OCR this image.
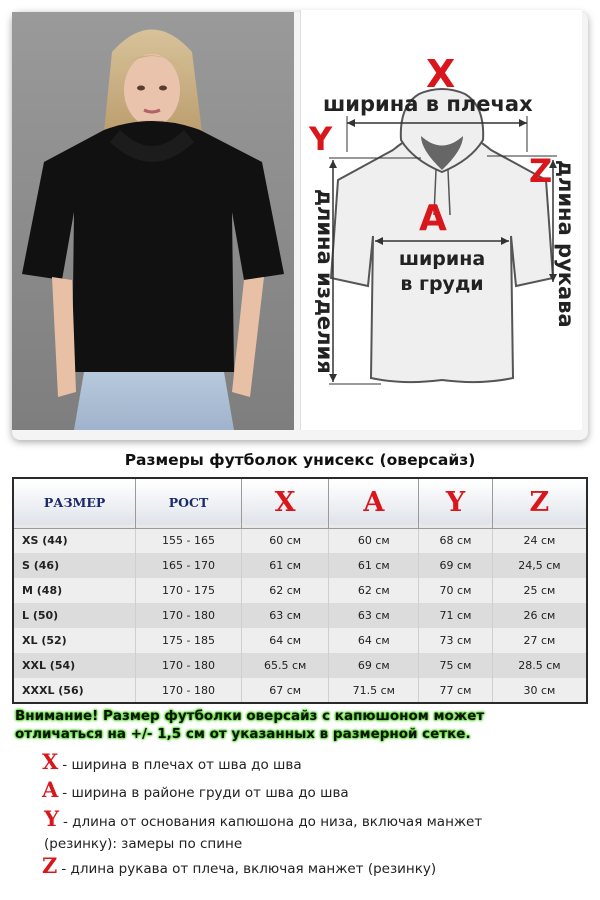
X
ширина в плечах
Y
длина изделия
Z длина рукава
A
ширина
в груди
Размеры футболок унисекс (оверсайз)
РАЗМЕР	РОСТ	X	A	Y	Z
XS (44)	155 - 165	60 см	60 см	68 см	24 см
S (46)	165 - 170	61 см	61 см	69 см	24,5 см
M (48)	170 - 175	62 см	62 см	70 см	25 см
L (50)	170 - 180	63 см	63 см	71 см	26 см
XL (52)	175 - 185	64 см	64 см	73 см	27 см
XXL (54)	170 - 180	65.5 см	69 см	75 см	28.5 см
XXXL (56)	170 - 180	67 см	71.5 см	77 см	30 см
Внимание! Размер футболки оверсайз с капюшоном может
отличаться на +/- 1,5 см от указанных в размерной сетке.
X - ширина в плечах от шва до шва
A - ширина в районе груди от шва до шва
Y - длина от основания капюшона до низа, включая манжет (резинку): замеры по спине
Z - длина рукава от плеча, включая манжет (резинку)
